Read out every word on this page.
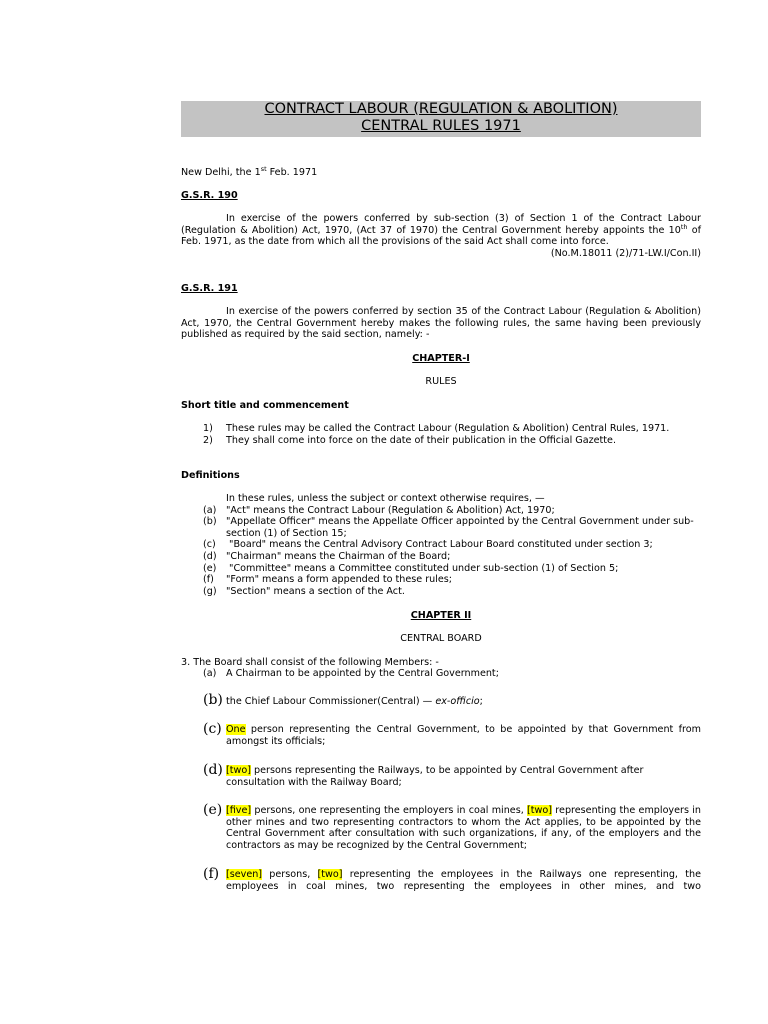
CONTRACT LABOUR (REGULATION & ABOLITION)
CENTRAL RULES 1971
New Delhi, the 1st Feb. 1971
G.S.R. 190
In exercise of the powers conferred by sub-section (3) of Section 1 of the Contract Labour (Regulation & Abolition) Act, 1970, (Act 37 of 1970) the Central Government hereby appoints the 10th of Feb. 1971, as the date from which all the provisions of the said Act shall come into force.
(No.M.18011 (2)/71-LW.I/Con.II)
G.S.R. 191
In exercise of the powers conferred by section 35 of the Contract Labour (Regulation & Abolition) Act, 1970, the Central Government hereby makes the following rules, the same having been previously published as required by the said section, namely: -
CHAPTER-I
RULES
Short title and commencement
1)	These rules may be called the Contract Labour (Regulation & Abolition) Central Rules, 1971.
2)	They shall come into force on the date of their publication in the Official Gazette.
Definitions
In these rules, unless the subject or context otherwise requires, —
(a)	"Act" means the Contract Labour (Regulation & Abolition) Act, 1970;
(b) "Appellate Officer" means the Appellate Officer appointed by the Central Government under sub-section (1) of Section 15;
(c)	"Board" means the Central Advisory Contract Labour Board constituted under section 3;
(d) "Chairman" means the Chairman of the Board;
(e)	"Committee" means a Committee constituted under sub-section (1) of Section 5;
(f)	"Form" means a form appended to these rules;
(g) "Section" means a section of the Act.
CHAPTER II
CENTRAL BOARD
3. The Board shall consist of the following Members: -
(a)	A Chairman to be appointed by the Central Government;
(b) the Chief Labour Commissioner(Central) — ex-officio;
(c) One person representing the Central Government, to be appointed by that Government from amongst its officials;
(d) [two] persons representing the Railways, to be appointed by Central Government after consultation with the Railway Board;
(e) [five] persons, one representing the employers in coal mines, [two] representing the employers in other mines and two representing contractors to whom the Act applies, to be appointed by the Central Government after consultation with such organizations, if any, of the employers and the contractors as may be recognized by the Central Government;
(f) [seven] persons, [two] representing the employees in the Railways one representing, the employees in coal mines, two representing the employees in other mines, and two
